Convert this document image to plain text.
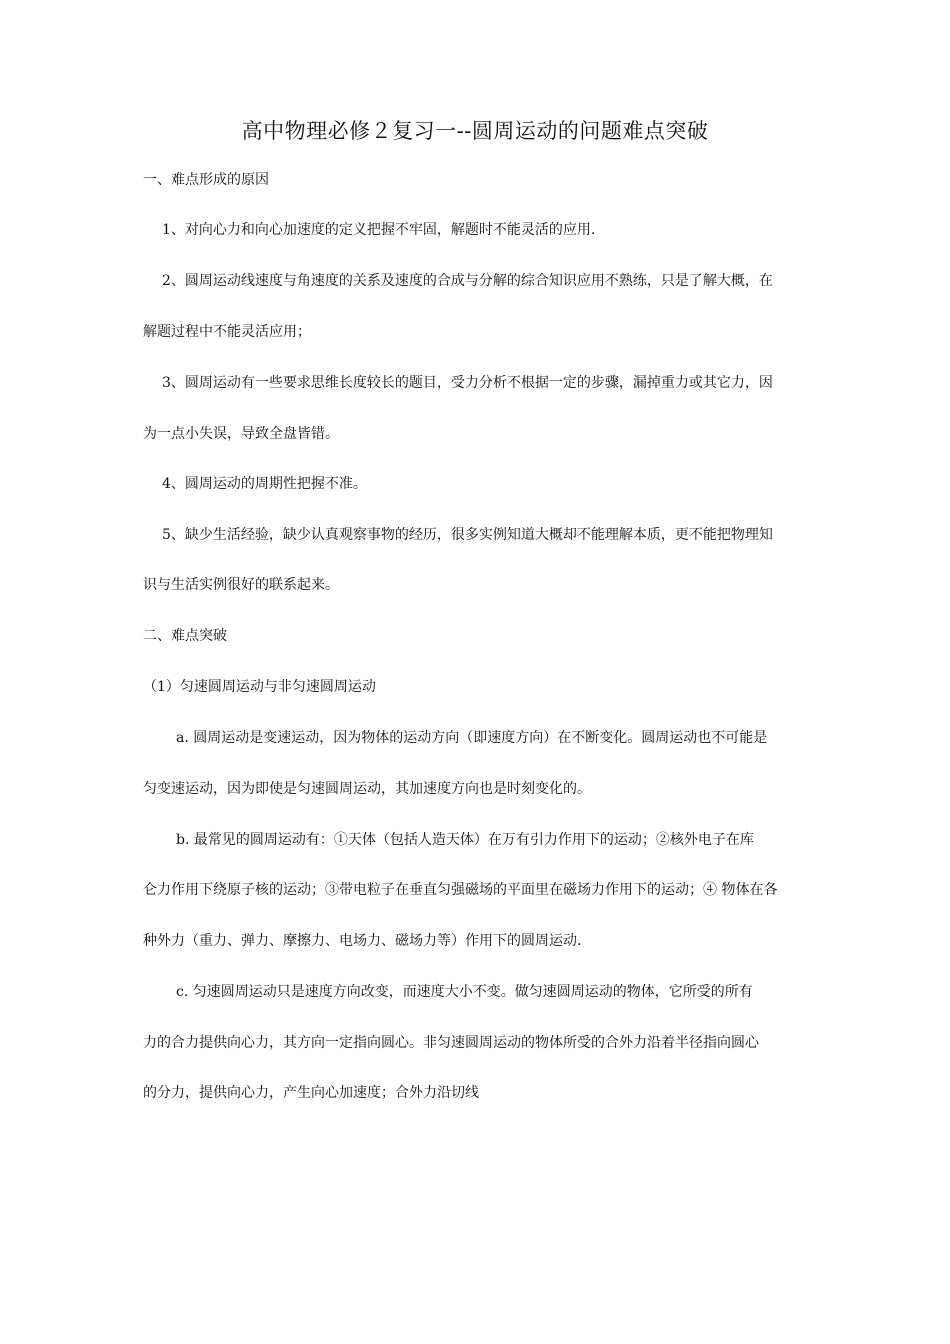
高中物理必修２复习一--圆周运动的问题难点突破
一、难点形成的原因
1、对向心力和向心加速度的定义把握不牢固，解题时不能灵活的应用.
2、圆周运动线速度与角速度的关系及速度的合成与分解的综合知识应用不熟练，只是了解大概，在
解题过程中不能灵活应用；
3、圆周运动有一些要求思维长度较长的题目，受力分析不根据一定的步骤，漏掉重力或其它力，因
为一点小失误，导致全盘皆错。
4、圆周运动的周期性把握不准。
5、缺少生活经验，缺少认真观察事物的经历，很多实例知道大概却不能理解本质，更不能把物理知
识与生活实例很好的联系起来。
二、难点突破
（1）匀速圆周运动与非匀速圆周运动
a. 圆周运动是变速运动，因为物体的运动方向（即速度方向）在不断变化。圆周运动也不可能是
匀变速运动，因为即使是匀速圆周运动，其加速度方向也是时刻变化的。
b. 最常见的圆周运动有：①天体（包括人造天体）在万有引力作用下的运动；②核外电子在库
仑力作用下绕原子核的运动；③带电粒子在垂直匀强磁场的平面里在磁场力作用下的运动；④ 物体在各
种外力（重力、弹力、摩擦力、电场力、磁场力等）作用下的圆周运动.
c. 匀速圆周运动只是速度方向改变，而速度大小不变。做匀速圆周运动的物体，它所受的所有
力的合力提供向心力，其方向一定指向圆心。非匀速圆周运动的物体所受的合外力沿着半径指向圆心
的分力，提供向心力，产生向心加速度；合外力沿切线
